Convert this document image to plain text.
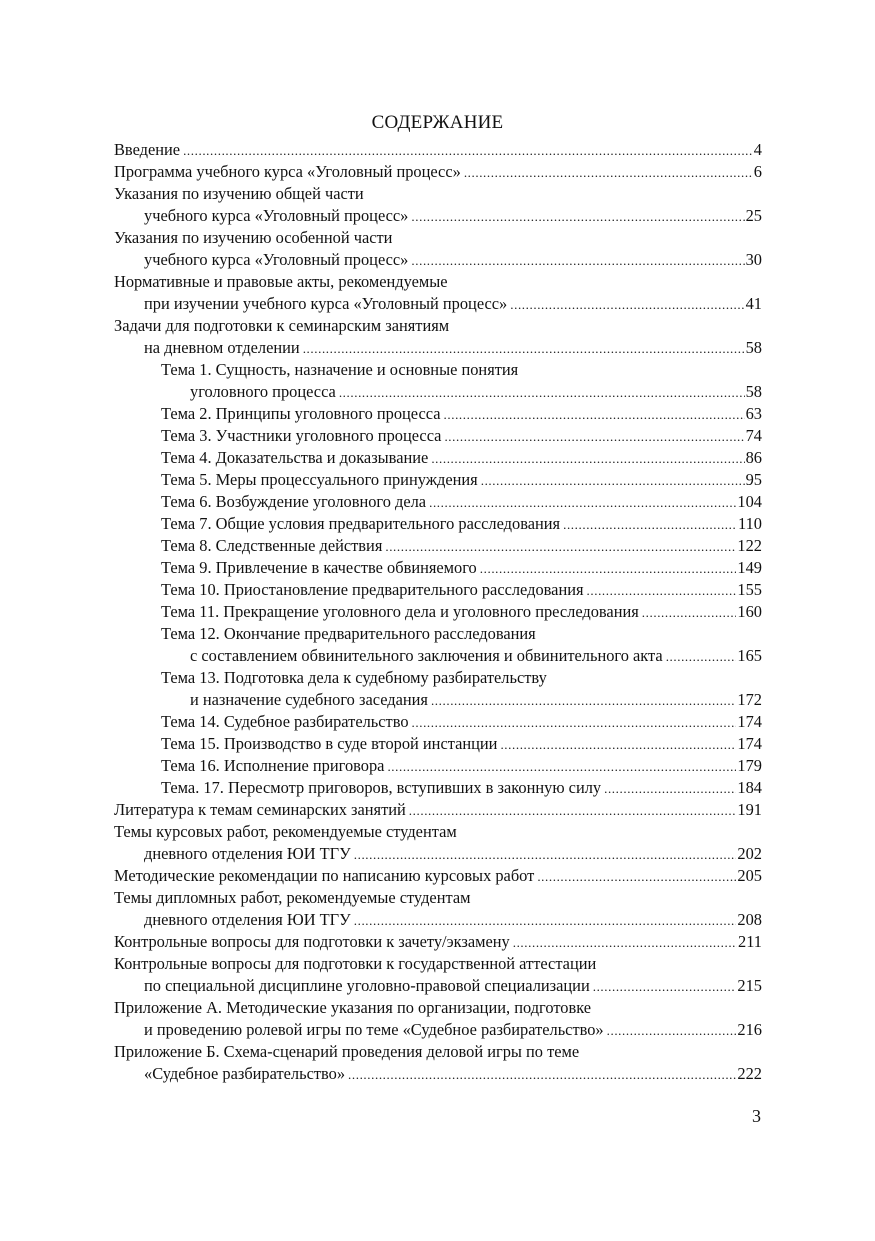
СОДЕРЖАНИЕ
Введение .....	4
Программа учебного курса «Уголовный процесс» .....	6
Указания по изучению общей части
учебного курса «Уголовный процесс» .....	25
Указания по изучению особенной части
учебного курса «Уголовный процесс» .....	30
Нормативные и правовые акты, рекомендуемые
при изучении учебного курса «Уголовный процесс» .....	41
Задачи для подготовки к семинарским занятиям
на дневном отделении .....	58
Тема 1. Сущность, назначение и основные понятия
уголовного процесса .....	58
Тема 2. Принципы уголовного процесса .....	63
Тема 3. Участники уголовного процесса .....	74
Тема 4. Доказательства и доказывание .....	86
Тема 5. Меры процессуального принуждения .....	95
Тема 6. Возбуждение уголовного дела .....	104
Тема 7. Общие условия предварительного расследования .....	110
Тема 8. Следственные действия .....	122
Тема 9. Привлечение в качестве обвиняемого .....	149
Тема 10. Приостановление предварительного расследования .....	155
Тема 11. Прекращение уголовного дела и уголовного преследования .....	160
Тема 12. Окончание предварительного расследования
с составлением обвинительного заключения и обвинительного акта .....	165
Тема 13. Подготовка дела к судебному разбирательству
и назначение судебного заседания .....	172
Тема 14. Судебное разбирательство .....	174
Тема 15. Производство в суде второй инстанции .....	174
Тема 16. Исполнение приговора .....	179
Тема. 17. Пересмотр приговоров, вступивших в законную силу .....	184
Литература к темам семинарских занятий .....	191
Темы курсовых работ, рекомендуемые студентам
дневного отделения ЮИ ТГУ .....	202
Методические рекомендации по написанию курсовых работ .....	205
Темы дипломных работ, рекомендуемые студентам
дневного отделения ЮИ ТГУ .....	208
Контрольные вопросы для подготовки к зачету/экзамену .....	211
Контрольные вопросы для подготовки к государственной аттестации
по специальной дисциплине уголовно-правовой специализации .....	215
Приложение А. Методические указания по организации, подготовке
и проведению ролевой игры по теме «Судебное разбирательство» .....	216
Приложение Б. Схема-сценарий проведения деловой игры по теме
«Судебное разбирательство» .....	222
3
